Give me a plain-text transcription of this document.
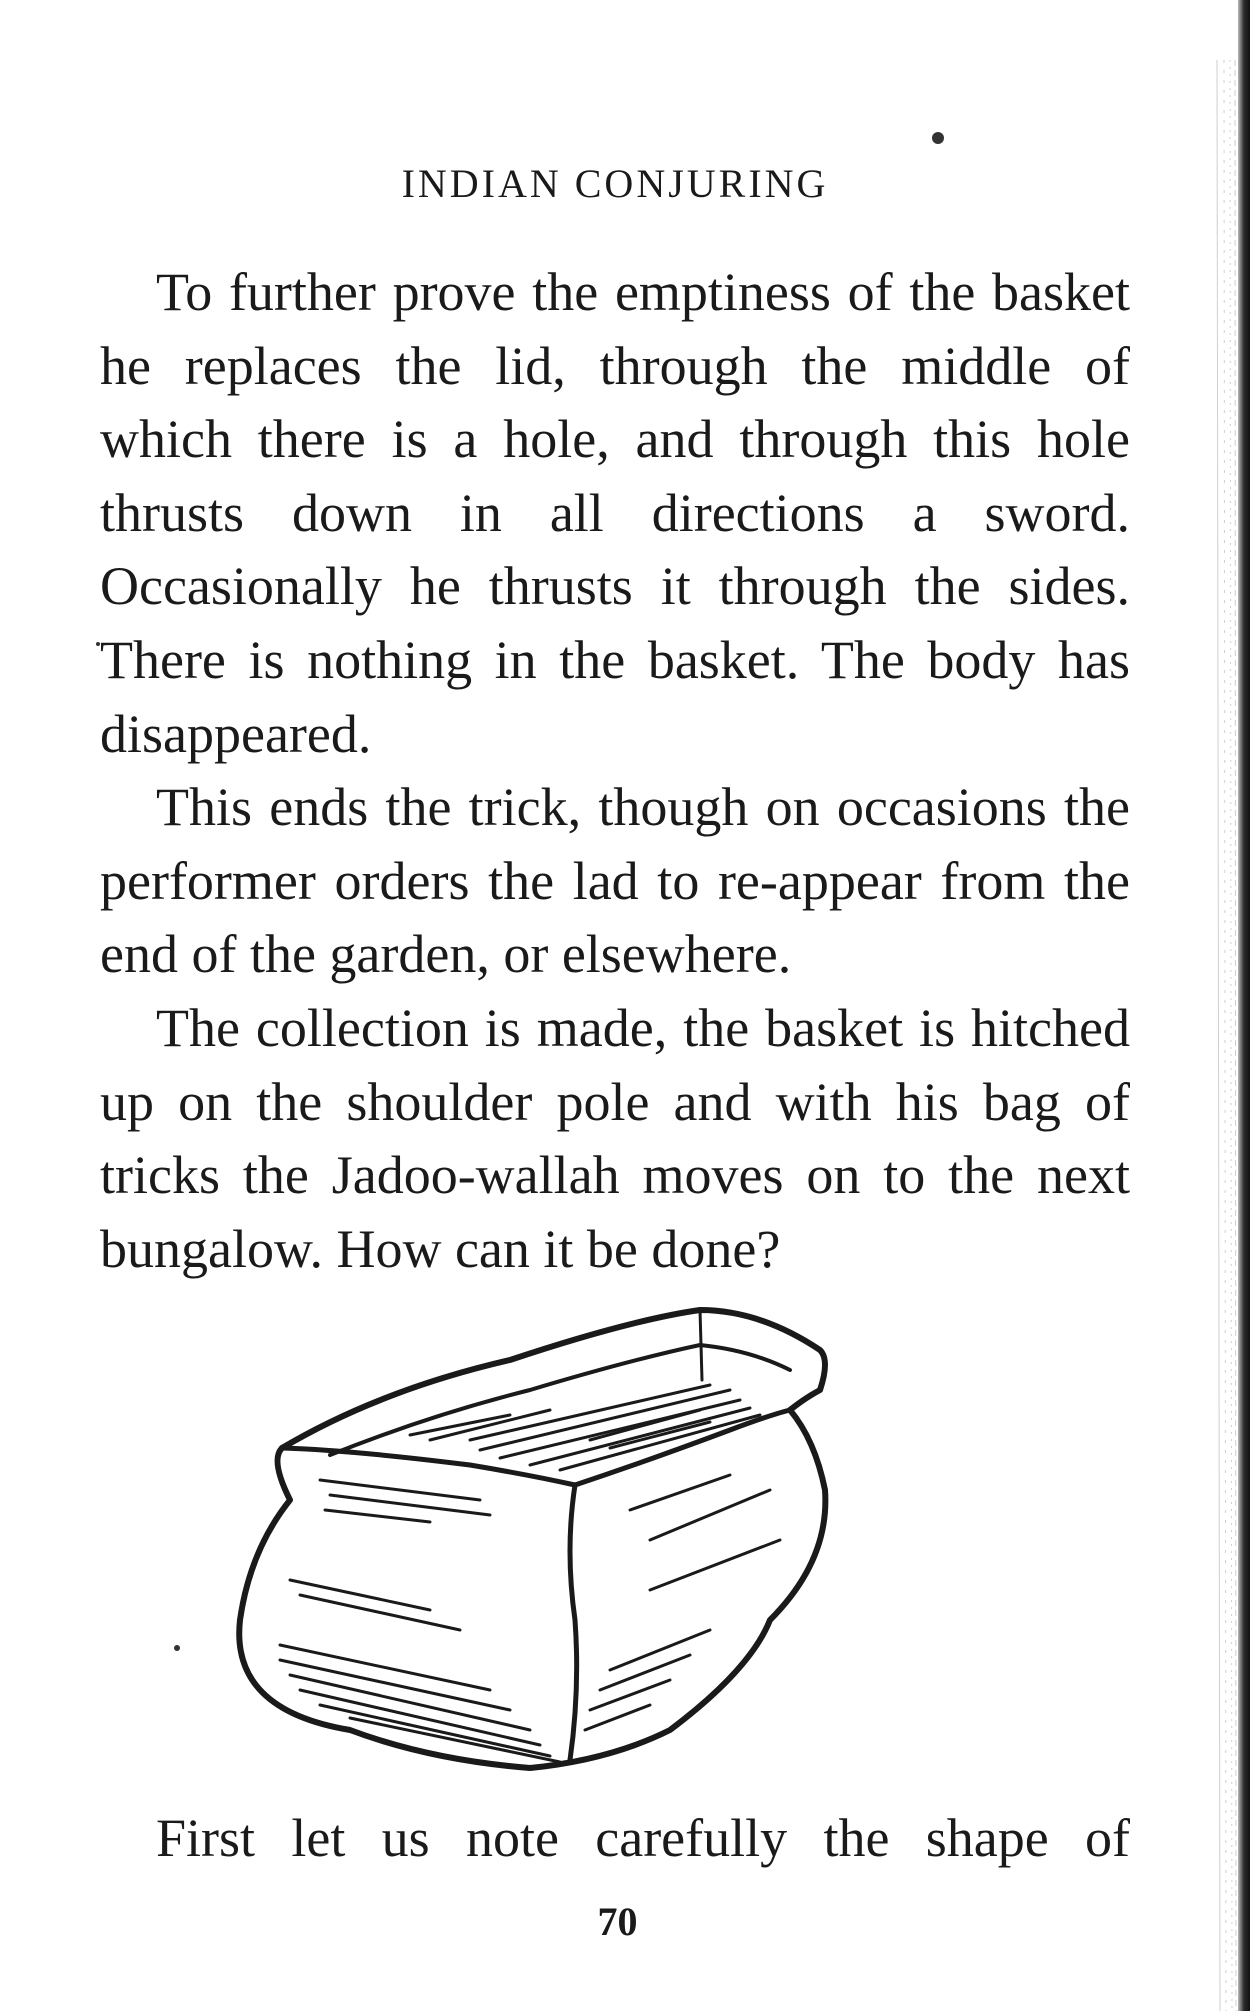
INDIAN CONJURING

To further prove the emptiness of the basket he replaces the lid, through the middle of which there is a hole, and through this hole thrusts down in all directions a sword. Occasionally he thrusts it through the sides. There is nothing in the basket. The body has disappeared.

This ends the trick, though on occasions the performer orders the lad to re-appear from the end of the garden, or elsewhere.

The collection is made, the basket is hitched up on the shoulder pole and with his bag of tricks the Jadoo-wallah moves on to the next bungalow. How can it be done?

First let us note carefully the shape of

70
